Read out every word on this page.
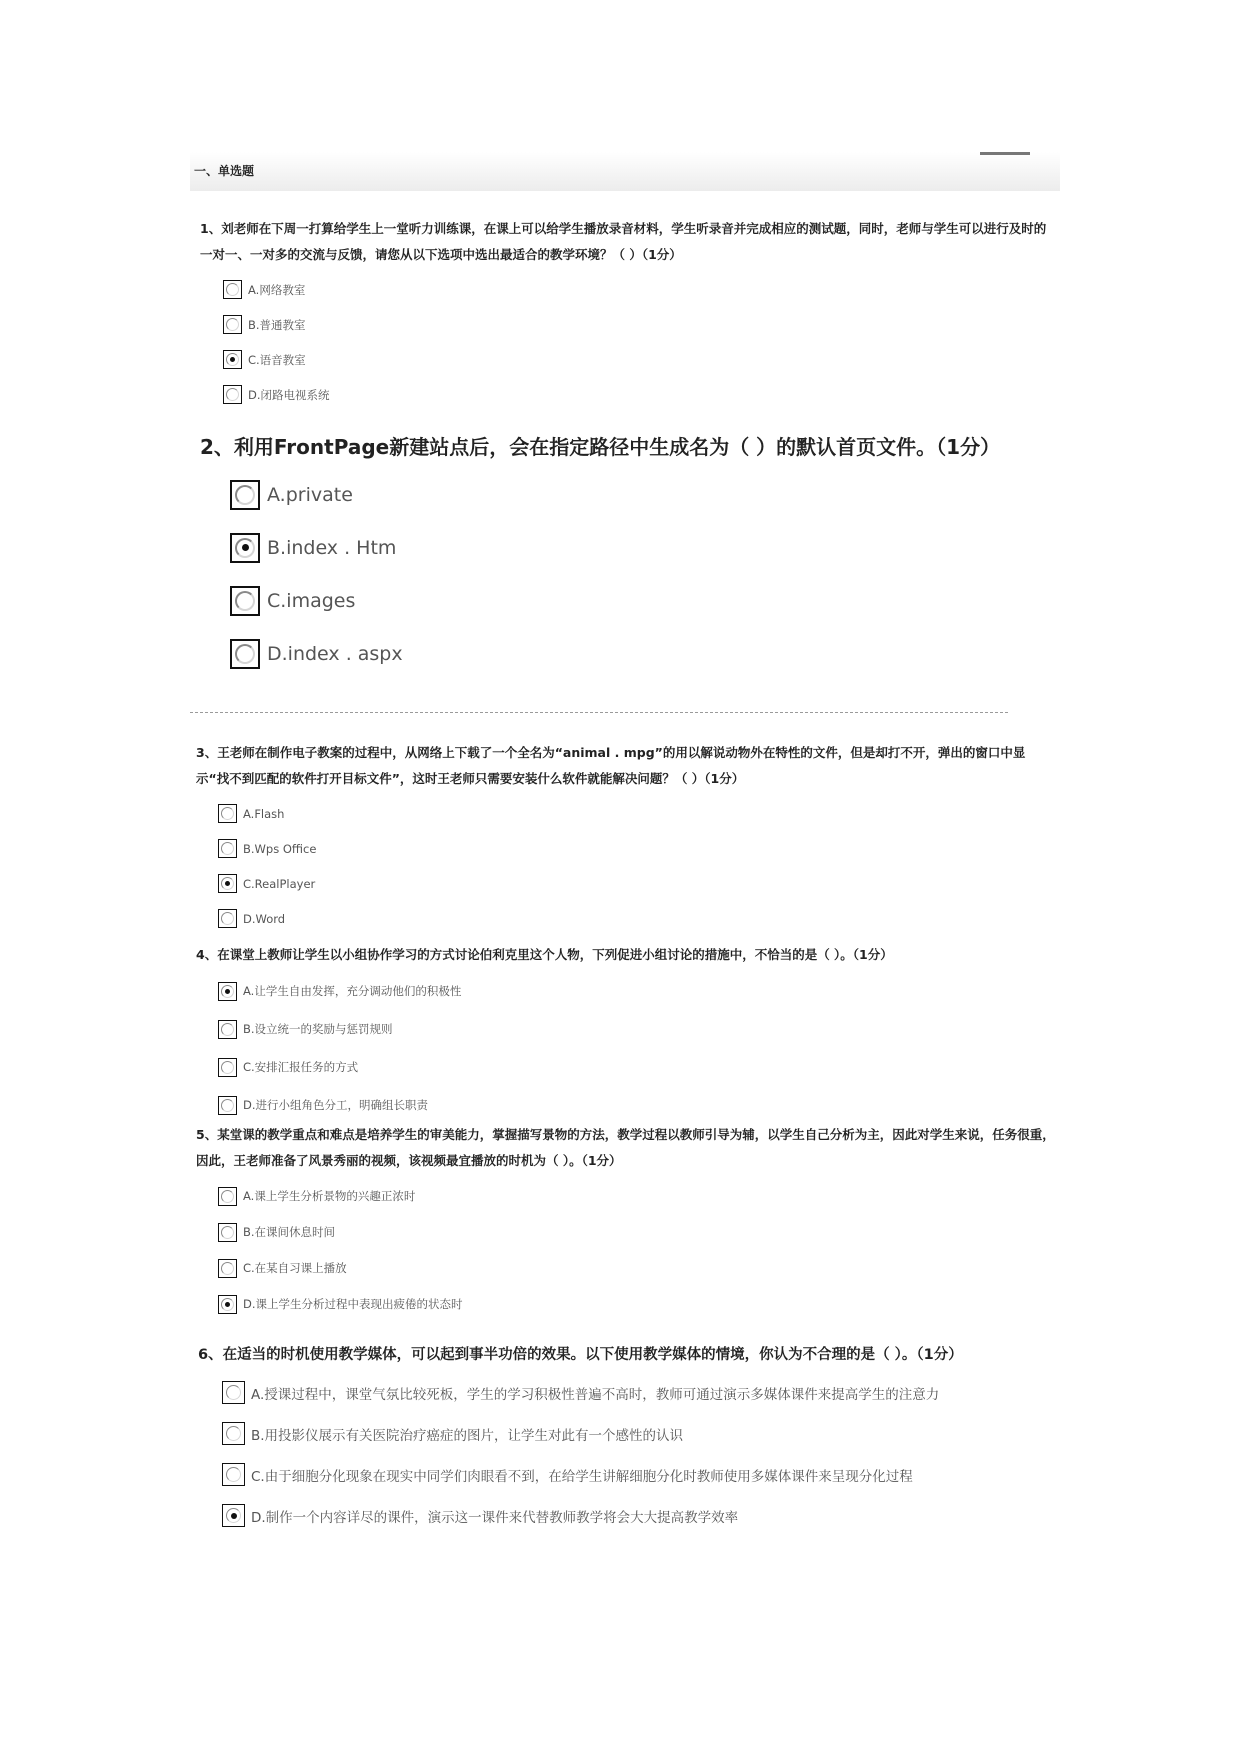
一、单选题

1、刘老师在下周一打算给学生上一堂听力训练课，在课上可以给学生播放录音材料，学生听录音并完成相应的测试题，同时，老师与学生可以进行及时的一对一、一对多的交流与反馈，请您从以下选项中选出最适合的教学环境？（ ）（1分）

A.网络教室
B.普通教室
C.语音教室
D.闭路电视系统

2、利用FrontPage新建站点后，会在指定路径中生成名为（ ）的默认首页文件。（1分）

A.private
B.index . Htm
C.images
D.index . aspx

3、王老师在制作电子教案的过程中，从网络上下载了一个全名为“animal . mpg”的用以解说动物外在特性的文件，但是却打不开，弹出的窗口中显示“找不到匹配的软件打开目标文件”，这时王老师只需要安装什么软件就能解决问题？（ ）（1分）

A.Flash
B.Wps Office
C.RealPlayer
D.Word

4、在课堂上教师让学生以小组协作学习的方式讨论伯利克里这个人物，下列促进小组讨论的措施中，不恰当的是（ ）。（1分）

A.让学生自由发挥，充分调动他们的积极性
B.设立统一的奖励与惩罚规则
C.安排汇报任务的方式
D.进行小组角色分工，明确组长职责

5、某堂课的教学重点和难点是培养学生的审美能力，掌握描写景物的方法，教学过程以教师引导为辅，以学生自己分析为主，因此对学生来说，任务很重，因此，王老师准备了风景秀丽的视频，该视频最宜播放的时机为（ ）。（1分）

A.课上学生分析景物的兴趣正浓时
B.在课间休息时间
C.在某自习课上播放
D.课上学生分析过程中表现出疲倦的状态时

6、在适当的时机使用教学媒体，可以起到事半功倍的效果。以下使用教学媒体的情境，你认为不合理的是（ ）。（1分）

A.授课过程中，课堂气氛比较死板，学生的学习积极性普遍不高时，教师可通过演示多媒体课件来提高学生的注意力
B.用投影仪展示有关医院治疗癌症的图片，让学生对此有一个感性的认识
C.由于细胞分化现象在现实中同学们肉眼看不到，在给学生讲解细胞分化时教师使用多媒体课件来呈现分化过程
D.制作一个内容详尽的课件，演示这一课件来代替教师教学将会大大提高教学效率
